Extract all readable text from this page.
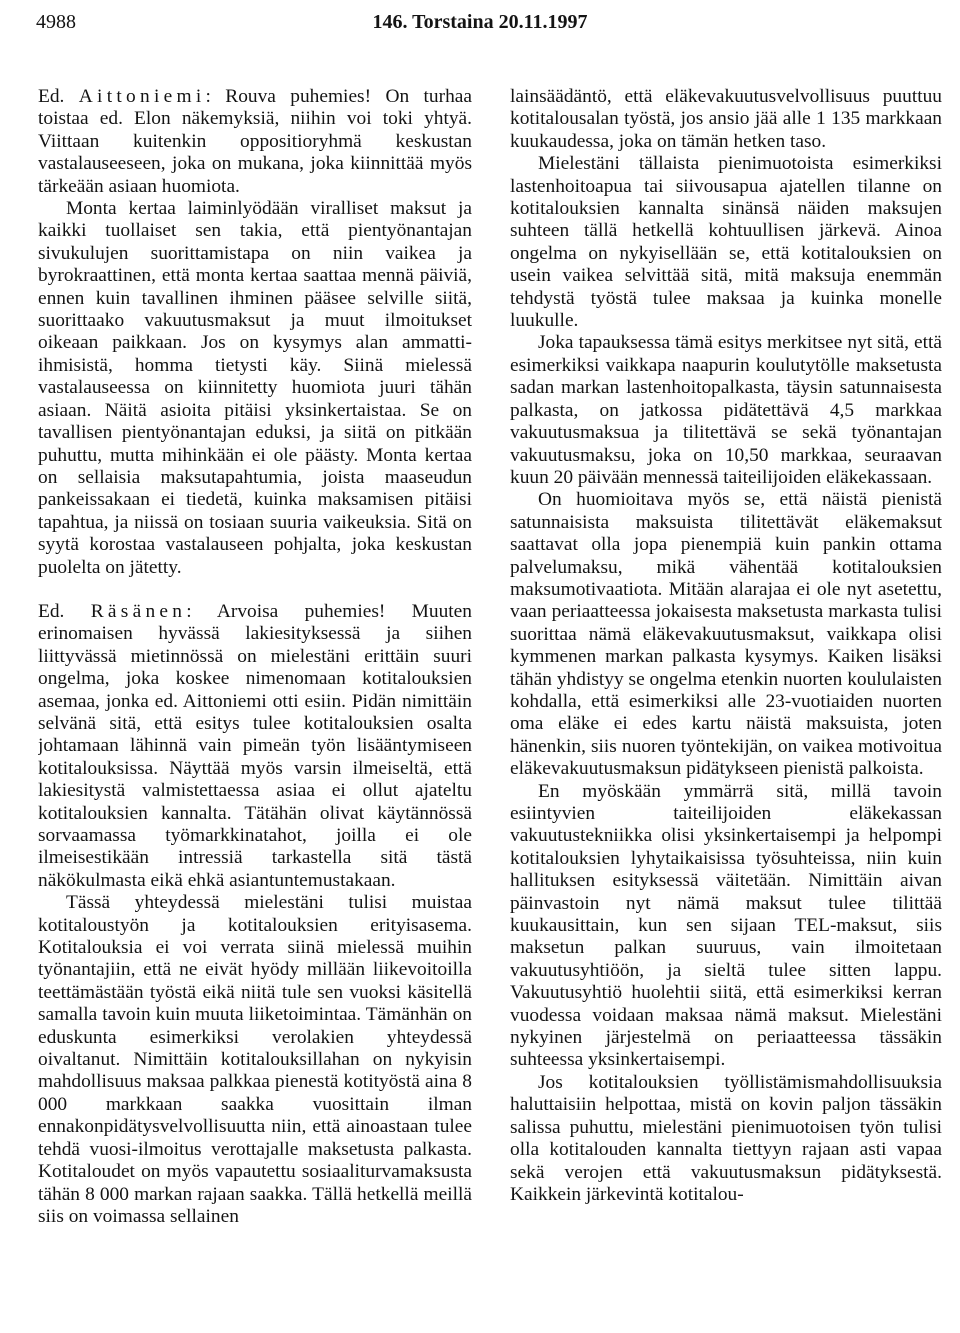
4988	146. Torstaina 20.11.1997

Ed. Aittoniemi: Rouva puhemies! On turhaa toistaa ed. Elon näkemyksiä, niihin voi toki yhtyä. Viittaan kuitenkin oppositioryhmä keskustan vastalauseeseen, joka on mukana, joka kiinnittää myös tärkeään asiaan huomiota.

Monta kertaa laiminlyödään viralliset maksut ja kaikki tuollaiset sen takia, että pientyönantajan sivukulujen suorittamistapa on niin vaikea ja byrokraattinen, että monta kertaa saattaa mennä päiviä, ennen kuin tavallinen ihminen pääsee selville siitä, suorittaako vakuutusmaksut ja muut ilmoitukset oikeaan paikkaan. Jos on kysymys alan ammatti-ihmisistä, homma tietysti käy. Siinä mielessä vastalauseessa on kiinnitetty huomiota juuri tähän asiaan. Näitä asioita pitäisi yksinkertaistaa. Se on tavallisen pientyönantajan eduksi, ja siitä on pitkään puhuttu, mutta mihinkään ei ole päästy. Monta kertaa on sellaisia maksutapahtumia, joista maaseudun pankeissakaan ei tiedetä, kuinka maksamisen pitäisi tapahtua, ja niissä on tosiaan suuria vaikeuksia. Sitä on syytä korostaa vastalauseen pohjalta, joka keskustan puolelta on jätetty.

Ed. Räsänen: Arvoisa puhemies! Muuten erinomaisen hyvässä lakiesityksessä ja siihen liittyvässä mietinnössä on mielestäni erittäin suuri ongelma, joka koskee nimenomaan kotitalouksien asemaa, jonka ed. Aittoniemi otti esiin. Pidän nimittäin selvänä sitä, että esitys tulee kotitalouksien osalta johtamaan lähinnä vain pimeän työn lisääntymiseen kotitalouksissa. Näyttää myös varsin ilmeiseltä, että lakiesitystä valmistettaessa asiaa ei ollut ajateltu kotitalouksien kannalta. Tätähän olivat käytännössä sorvaamassa työmarkkinatahot, joilla ei ole ilmeisestikään intressiä tarkastella sitä tästä näkökulmasta eikä ehkä asiantuntemustakaan.

Tässä yhteydessä mielestäni tulisi muistaa kotitaloustyön ja kotitalouksien erityisasema. Kotitalouksia ei voi verrata siinä mielessä muihin työnantajiin, että ne eivät hyödy millään liikevoitoilla teettämästään työstä eikä niitä tule sen vuoksi käsitellä samalla tavoin kuin muuta liiketoimintaa. Tämänhän on eduskunta esimerkiksi verolakien yhteydessä oivaltanut. Nimittäin kotitalouksillahan on nykyisin mahdollisuus maksaa palkkaa pienestä kotityöstä aina 8 000 markkaan saakka vuosittain ilman ennakonpidätysvelvollisuutta niin, että ainoastaan tulee tehdä vuosi-ilmoitus verottajalle maksetusta palkasta. Kotitaloudet on myös vapautettu sosiaaliturvamaksusta tähän 8 000 markan rajaan saakka. Tällä hetkellä meillä siis on voimassa sellainen

lainsäädäntö, että eläkevakuutusvelvollisuus puuttuu kotitalousalan työstä, jos ansio jää alle 1 135 markkaan kuukaudessa, joka on tämän hetken taso.

Mielestäni tällaista pienimuotoista esimerkiksi lastenhoitoapua tai siivousapua ajatellen tilanne on kotitalouksien kannalta sinänsä näiden maksujen suhteen tällä hetkellä kohtuullisen järkevä. Ainoa ongelma on nykyisellään se, että kotitalouksien on usein vaikea selvittää sitä, mitä maksuja enemmän tehdystä työstä tulee maksaa ja kuinka monelle luukulle.

Joka tapauksessa tämä esitys merkitsee nyt sitä, että esimerkiksi vaikkapa naapurin koulutytölle maksetusta sadan markan lastenhoitopalkasta, täysin satunnaisesta palkasta, on jatkossa pidätettävä 4,5 markkaa vakuutusmaksua ja tilitettävä se sekä työnantajan vakuutusmaksu, joka on 10,50 markkaa, seuraavan kuun 20 päivään mennessä taiteilijoiden eläkekassaan.

On huomioitava myös se, että näistä pienistä satunnaisista maksuista tilitettävät eläkemaksut saattavat olla jopa pienempiä kuin pankin ottama palvelumaksu, mikä vähentää kotitalouksien maksumotivaatiota. Mitään alarajaa ei ole nyt asetettu, vaan periaatteessa jokaisesta maksetusta markasta tulisi suorittaa nämä eläkevakuutusmaksut, vaikkapa olisi kymmenen markan palkasta kysymys. Kaiken lisäksi tähän yhdistyy se ongelma etenkin nuorten koululaisten kohdalla, että esimerkiksi alle 23-vuotiaiden nuorten oma eläke ei edes kartu näistä maksuista, joten hänenkin, siis nuoren työntekijän, on vaikea motivoitua eläkevakuutusmaksun pidätykseen pienistä palkoista.

En myöskään ymmärrä sitä, millä tavoin esiintyvien taiteilijoiden eläkekassan vakuutustekniikka olisi yksinkertaisempi ja helpompi kotitalouksien lyhytaikaisissa työsuhteissa, niin kuin hallituksen esityksessä väitetään. Nimittäin aivan päinvastoin nyt nämä maksut tulee tilittää kuukausittain, kun sen sijaan TEL-maksut, siis maksetun palkan suuruus, vain ilmoitetaan vakuutusyhtiöön, ja sieltä tulee sitten lappu. Vakuutusyhtiö huolehtii siitä, että esimerkiksi kerran vuodessa voidaan maksaa nämä maksut. Mielestäni nykyinen järjestelmä on periaatteessa tässäkin suhteessa yksinkertaisempi.

Jos kotitalouksien työllistämismahdollisuuksia haluttaisiin helpottaa, mistä on kovin paljon tässäkin salissa puhuttu, mielestäni pienimuotoisen työn tulisi olla kotitalouden kannalta tiettyyn rajaan asti vapaa sekä verojen että vakuutusmaksun pidätyksestä. Kaikkein järkevintä kotitalou-
